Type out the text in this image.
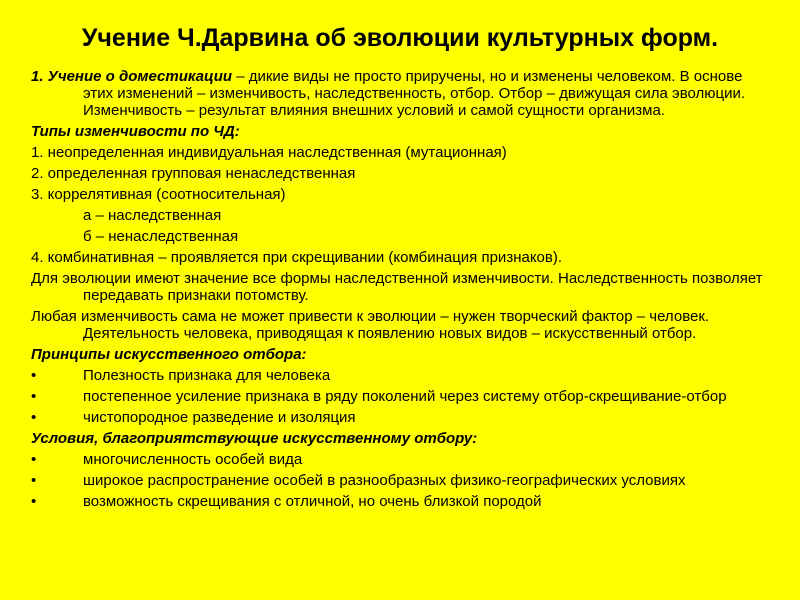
Учение Ч.Дарвина об эволюции культурных форм.
1. Учение о доместикации – дикие виды не просто приручены, но и изменены человеком. В основе этих изменений – изменчивость, наследственность, отбор. Отбор – движущая сила эволюции. Изменчивость – результат влияния внешних условий и самой сущности организма.
Типы изменчивости по ЧД:
1. неопределенная индивидуальная наследственная (мутационная)
2. определенная групповая ненаследственная
3. коррелятивная (соотносительная)
а – наследственная
б – ненаследственная
4. комбинативная – проявляется при скрещивании (комбинация признаков).
Для эволюции имеют значение все формы наследственной изменчивости. Наследственность позволяет передавать признаки потомству.
Любая изменчивость сама не может привести к эволюции – нужен творческий фактор – человек. Деятельность человека, приводящая к появлению новых видов – искусственный отбор.
Принципы искусственного отбора:
•	Полезность признака для человека
•	постепенное усиление признака в ряду поколений через систему отбор-скрещивание-отбор
•	чистопородное разведение и изоляция
Условия, благоприятствующие искусственному отбору:
•	многочисленность особей вида
•	широкое распространение особей в разнообразных физико-географических условиях
•	возможность скрещивания с отличной, но очень близкой породой
